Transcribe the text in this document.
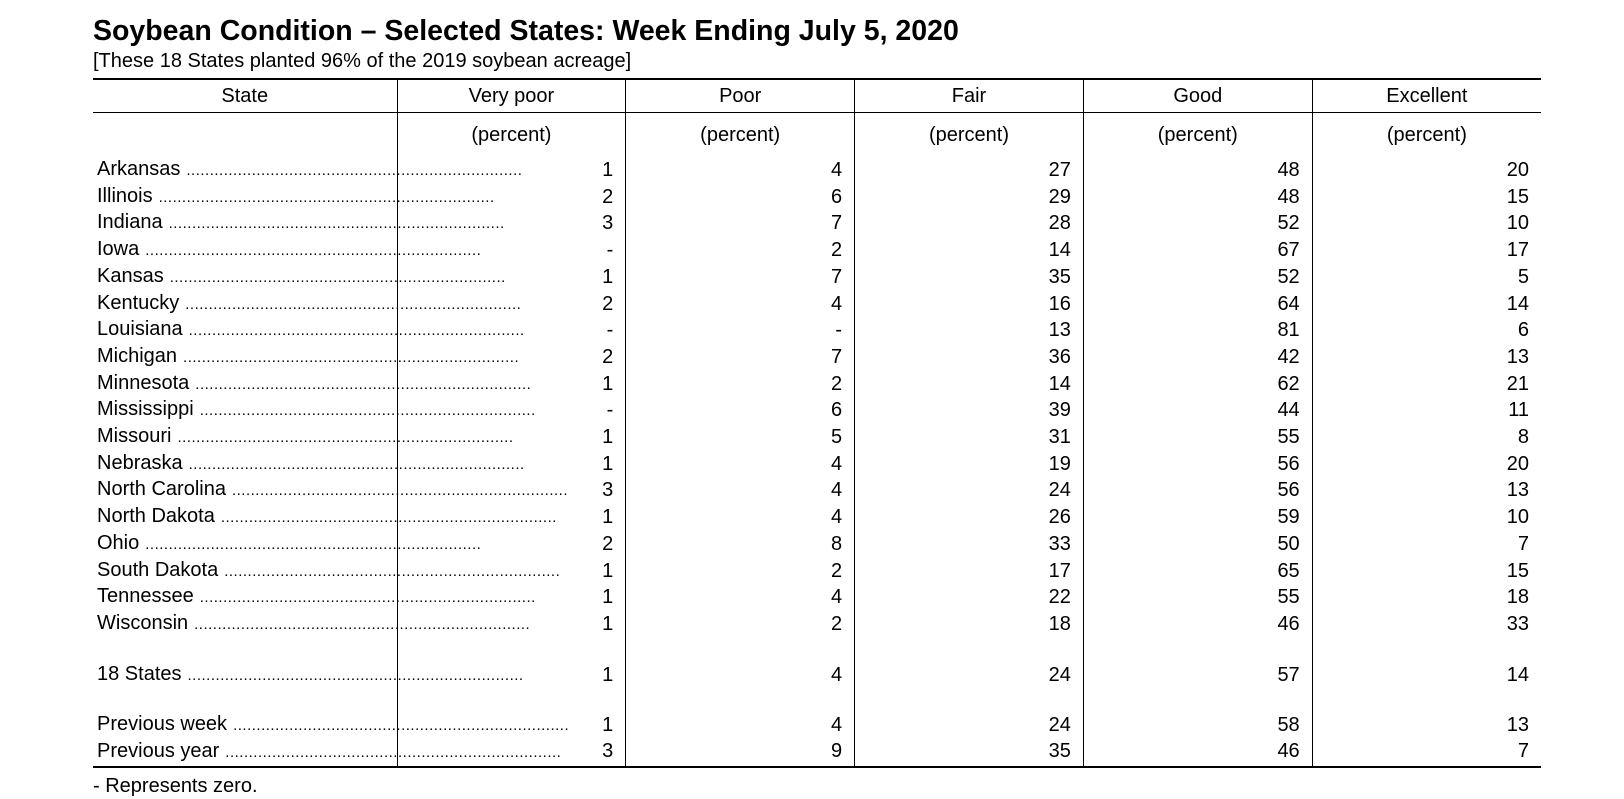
Soybean Condition – Selected States: Week Ending July 5, 2020
[These 18 States planted 96% of the 2019 soybean acreage]
State	Very poor	Poor	Fair	Good	Excellent
	(percent)	(percent)	(percent)	(percent)	(percent)

Arkansas ........................................................................	1	4	27	48	20

Illinois ........................................................................	2	6	29	48	15

Indiana ........................................................................	3	7	28	52	10

Iowa ........................................................................	-	2	14	67	17

Kansas ........................................................................	1	7	35	52	5

Kentucky ........................................................................	2	4	16	64	14

Louisiana ........................................................................	-	-	13	81	6

Michigan ........................................................................	2	7	36	42	13

Minnesota ........................................................................	1	2	14	62	21

Mississippi ........................................................................	-	6	39	44	11

Missouri ........................................................................	1	5	31	55	8

Nebraska ........................................................................	1	4	19	56	20

North Carolina ........................................................................	3	4	24	56	13

North Dakota ........................................................................	1	4	26	59	10

Ohio ........................................................................	2	8	33	50	7

South Dakota ........................................................................	1	2	17	65	15

Tennessee ........................................................................	1	4	22	55	18

Wisconsin ........................................................................	1	2	18	46	33

18 States ........................................................................	1	4	24	57	14

Previous week ........................................................................	1	4	24	58	13

Previous year ........................................................................	3	9	35	46	7
- Represents zero.
